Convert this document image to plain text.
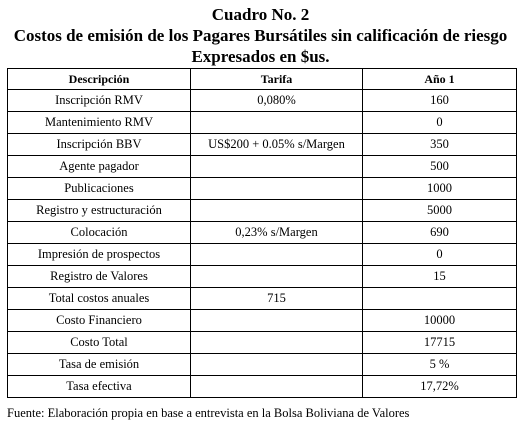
Cuadro No. 2
Costos de emisión de los Pagares Bursátiles sin calificación de riesgo
Expresados en $us.
Descripción	Tarifa	Año 1
Inscripción RMV	0,080%	160
Mantenimiento RMV		0
Inscripción BBV	US$200 + 0.05% s/Margen	350
Agente pagador		500
Publicaciones		1000
Registro y estructuración		5000
Colocación	0,23% s/Margen	690
Impresión de prospectos		0
Registro de Valores		15
Total costos anuales	715	
Costo Financiero		10000
Costo Total		17715
Tasa de emisión		5 %
Tasa efectiva		17,72%
Fuente: Elaboración propia en base a entrevista en la Bolsa Boliviana de Valores
